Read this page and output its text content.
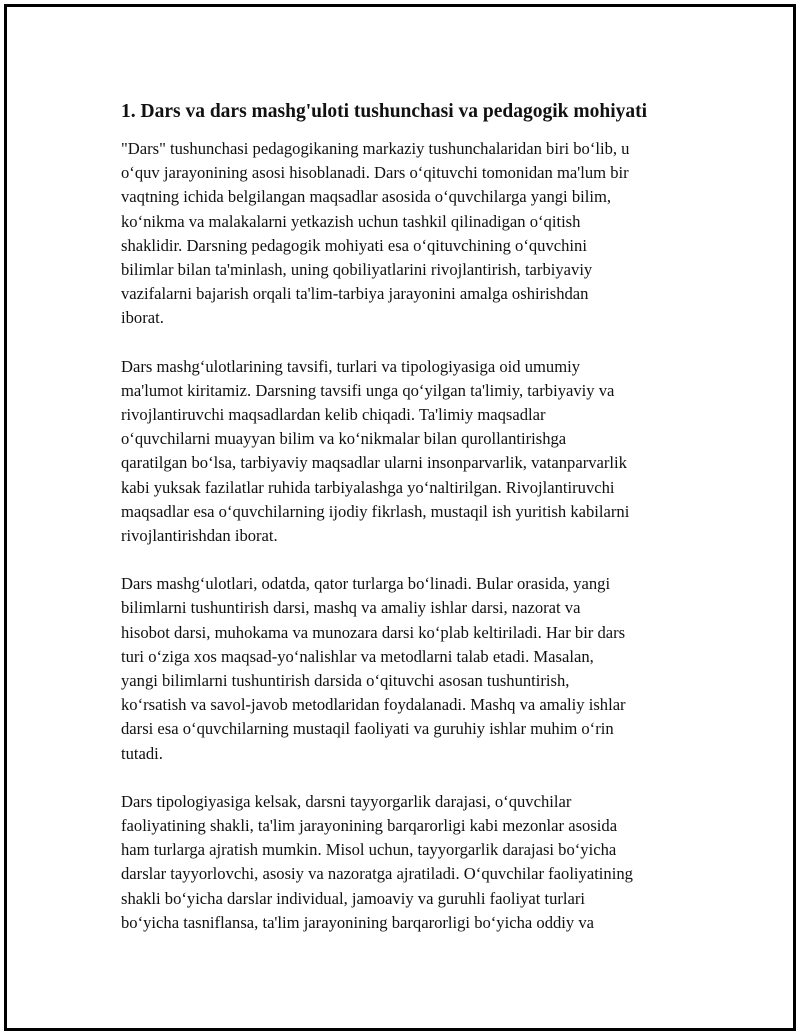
1. Dars va dars mashg'uloti tushunchasi va pedagogik mohiyati

"Dars" tushunchasi pedagogikaning markaziy tushunchalaridan biri boʻlib, u
oʻquv jarayonining asosi hisoblanadi. Dars oʻqituvchi tomonidan ma'lum bir
vaqtning ichida belgilangan maqsadlar asosida oʻquvchilarga yangi bilim,
koʻnikma va malakalarni yetkazish uchun tashkil qilinadigan oʻqitish
shaklidir. Darsning pedagogik mohiyati esa oʻqituvchining oʻquvchini
bilimlar bilan ta'minlash, uning qobiliyatlarini rivojlantirish, tarbiyaviy
vazifalarni bajarish orqali ta'lim-tarbiya jarayonini amalga oshirishdan
iborat.

Dars mashgʻulotlarining tavsifi, turlari va tipologiyasiga oid umumiy
ma'lumot kiritamiz. Darsning tavsifi unga qoʻyilgan ta'limiy, tarbiyaviy va
rivojlantiruvchi maqsadlardan kelib chiqadi. Ta'limiy maqsadlar
oʻquvchilarni muayyan bilim va koʻnikmalar bilan qurollantirishga
qaratilgan boʻlsa, tarbiyaviy maqsadlar ularni insonparvarlik, vatanparvarlik
kabi yuksak fazilatlar ruhida tarbiyalashga yoʻnaltirilgan. Rivojlantiruvchi
maqsadlar esa oʻquvchilarning ijodiy fikrlash, mustaqil ish yuritish kabilarni
rivojlantirishdan iborat.

Dars mashgʻulotlari, odatda, qator turlarga boʻlinadi. Bular orasida, yangi
bilimlarni tushuntirish darsi, mashq va amaliy ishlar darsi, nazorat va
hisobot darsi, muhokama va munozara darsi koʻplab keltiriladi. Har bir dars
turi oʻziga xos maqsad-yoʻnalishlar va metodlarni talab etadi. Masalan,
yangi bilimlarni tushuntirish darsida oʻqituvchi asosan tushuntirish,
koʻrsatish va savol-javob metodlaridan foydalanadi. Mashq va amaliy ishlar
darsi esa oʻquvchilarning mustaqil faoliyati va guruhiy ishlar muhim oʻrin
tutadi.

Dars tipologiyasiga kelsak, darsni tayyorgarlik darajasi, oʻquvchilar
faoliyatining shakli, ta'lim jarayonining barqarorligi kabi mezonlar asosida
ham turlarga ajratish mumkin. Misol uchun, tayyorgarlik darajasi boʻyicha
darslar tayyorlovchi, asosiy va nazoratga ajratiladi. Oʻquvchilar faoliyatining
shakli boʻyicha darslar individual, jamoaviy va guruhli faoliyat turlari
boʻyicha tasniflansa, ta'lim jarayonining barqarorligi boʻyicha oddiy va
